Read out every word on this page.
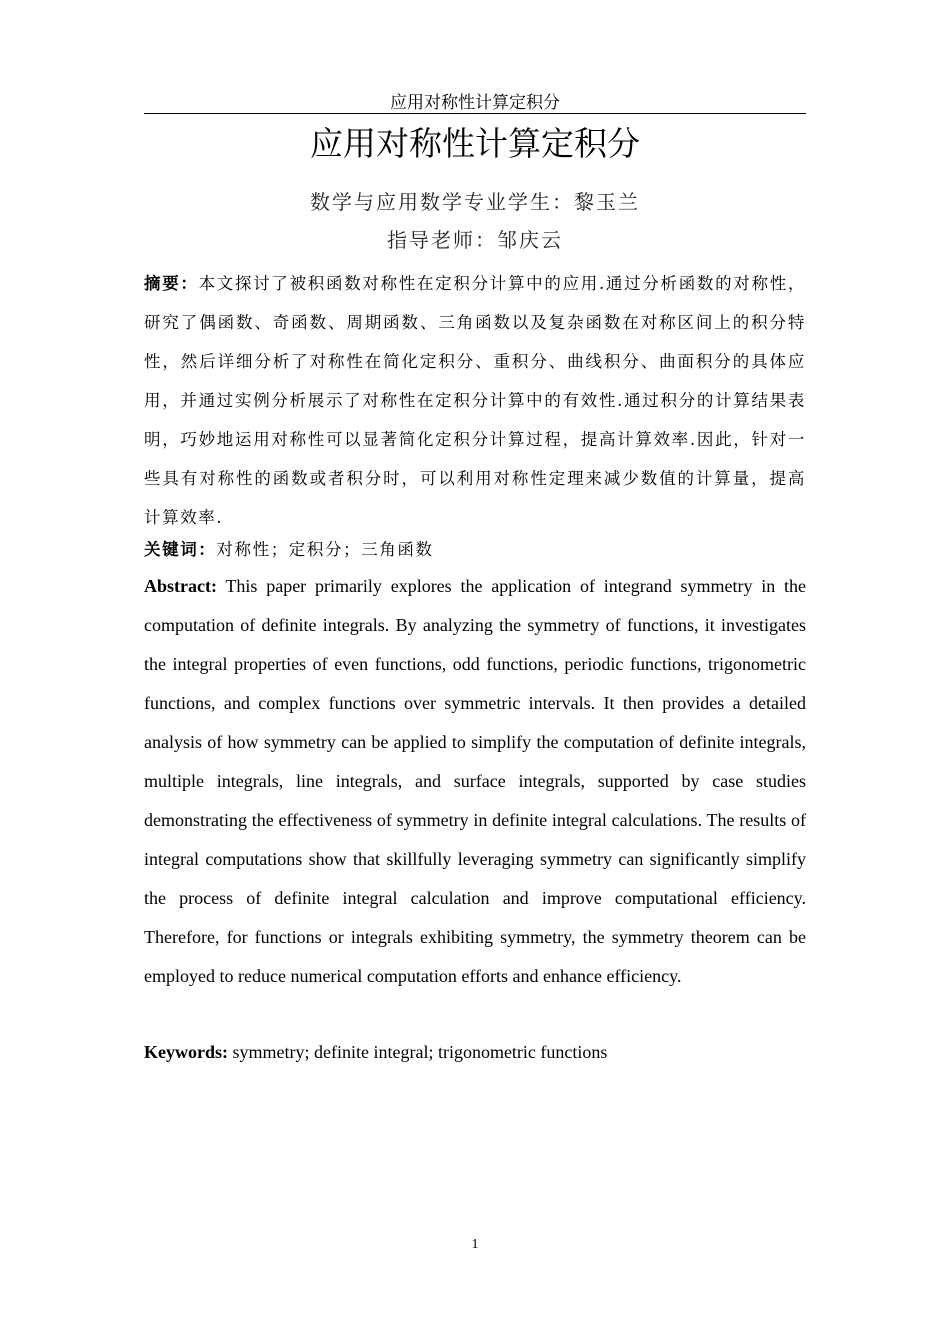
应用对称性计算定积分
应用对称性计算定积分
数学与应用数学专业学生：黎玉兰
指导老师：邹庆云

摘要：本文探讨了被积函数对称性在定积分计算中的应用.通过分析函数的对称性，研究了偶函数、奇函数、周期函数、三角函数以及复杂函数在对称区间上的积分特性，然后详细分析了对称性在简化定积分、重积分、曲线积分、曲面积分的具体应用，并通过实例分析展示了对称性在定积分计算中的有效性.通过积分的计算结果表明，巧妙地运用对称性可以显著简化定积分计算过程，提高计算效率.因此，针对一些具有对称性的函数或者积分时，可以利用对称性定理来减少数值的计算量，提高计算效率.

关键词：对称性；定积分；三角函数

Abstract: This paper primarily explores the application of integrand symmetry in the computation of definite integrals. By analyzing the symmetry of functions, it investigates the integral properties of even functions, odd functions, periodic functions, trigonometric functions, and complex functions over symmetric intervals. It then provides a detailed analysis of how symmetry can be applied to simplify the computation of definite integrals, multiple integrals, line integrals, and surface integrals, supported by case studies demonstrating the effectiveness of symmetry in definite integral calculations. The results of integral computations show that skillfully leveraging symmetry can significantly simplify the process of definite integral calculation and improve computational efficiency. Therefore, for functions or integrals exhibiting symmetry, the symmetry theorem can be employed to reduce numerical computation efforts and enhance efficiency.

Keywords: symmetry; definite integral; trigonometric functions

1
